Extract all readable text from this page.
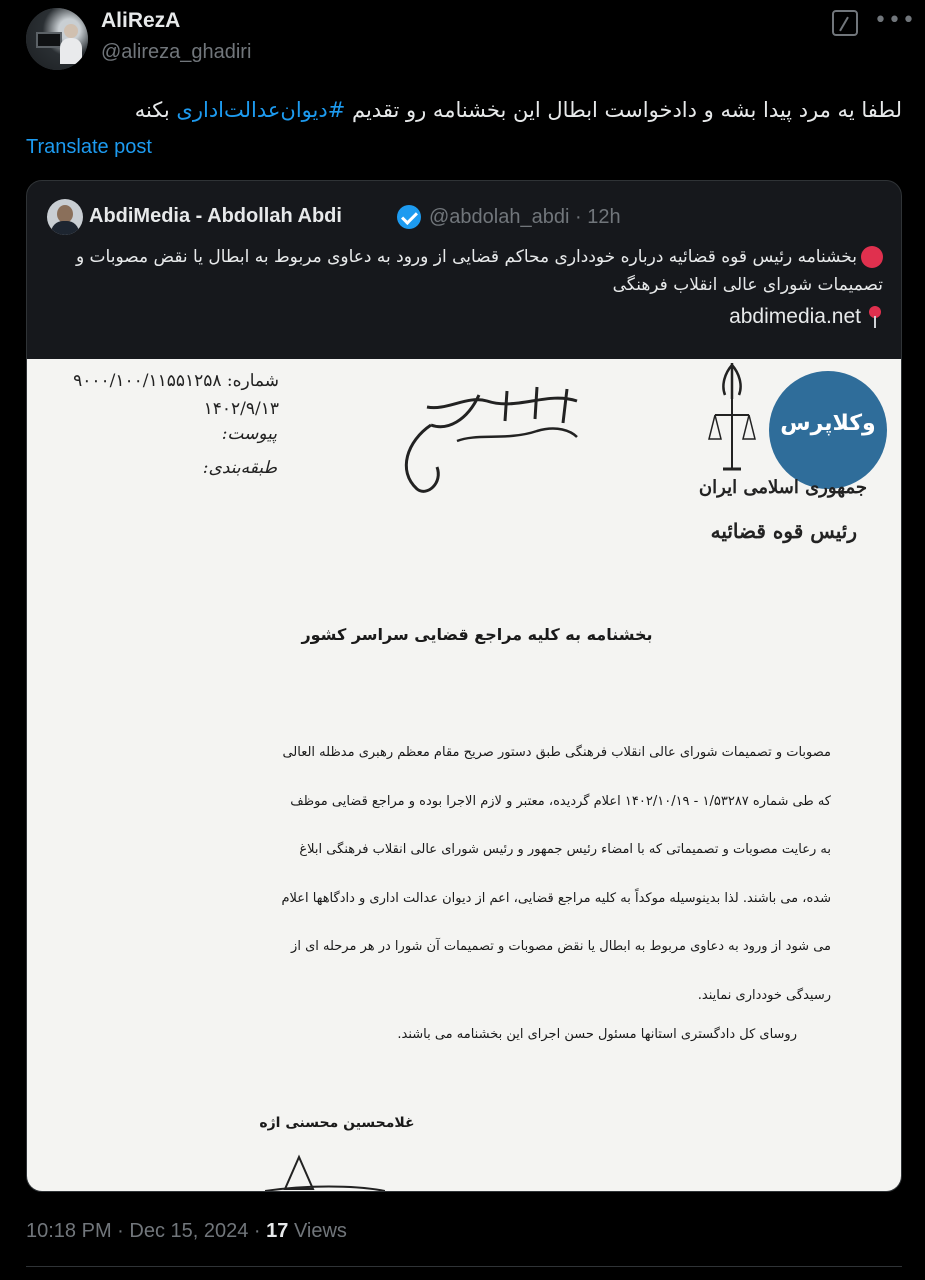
AliRezA
@alireza_ghadiri
•••
لطفا یه مرد پیدا بشه و دادخواست ابطال این بخشنامه رو تقدیم #دیوان‌عدالت‌اداری بکنه
Translate post
AbdiMedia - Abdollah Abdi	@abdolah_abdi · 12h
بخشنامه رئیس قوه قضائیه درباره خودداری محاکم قضایی از ورود به دعاوی مربوط به ابطال یا نقض مصوبات و تصمیمات شورای عالی انقلاب فرهنگی
abdimedia.net
شماره: ۹۰۰۰/۱۰۰/۱۱۵۵۱۲۵۸
۱۴۰۲/۹/۱۳
پیوست:
طبقه‌بندی:
وکلاپرس
جمهوری اسلامی ایران
رئیس قوه قضائیه
بخشنامه به کلیه مراجع قضایی سراسر کشور

مصوبات و تصمیمات شورای عالی انقلاب فرهنگی طبق دستور صریح مقام معظم رهبری مدظله العالی

که طی شماره ۱/۵۳۲۸۷ - ۱۴۰۲/۱۰/۱۹ اعلام گردیده، معتبر و لازم الاجرا بوده و مراجع قضایی موظف

به رعایت مصوبات و تصمیماتی که با امضاء رئیس جمهور و رئیس شورای عالی انقلاب فرهنگی ابلاغ

شده، می باشند. لذا بدینوسیله موکداً به کلیه مراجع قضایی، اعم از دیوان عدالت اداری و دادگاهها اعلام

می شود از ورود به دعاوی مربوط به ابطال یا نقض مصوبات و تصمیمات آن شورا در هر مرحله ای از

رسیدگی خودداری نمایند.

روسای کل دادگستری استانها مسئول حسن اجرای این بخشنامه می باشند.
غلامحسین محسنی اژه
10:18 PM · Dec 15, 2024 · 17 Views
